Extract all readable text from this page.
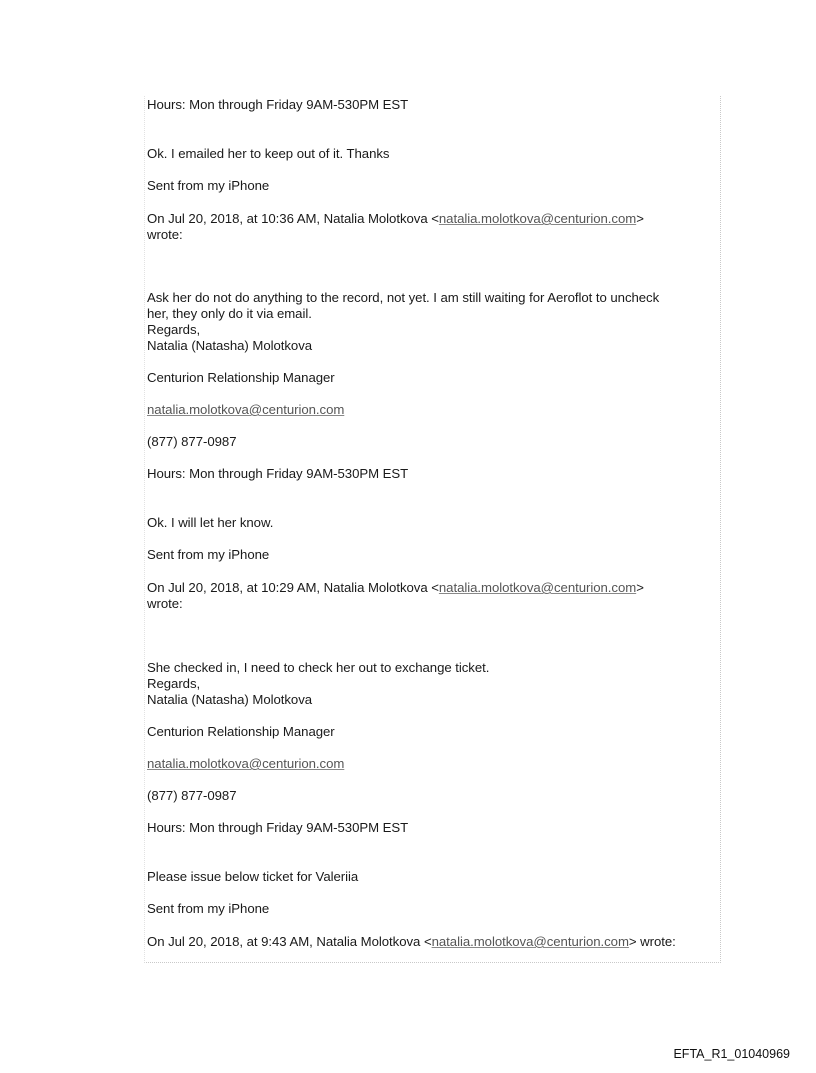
Hours: Mon through Friday 9AM-530PM EST
Ok. I emailed her to keep out of it. Thanks
Sent from my iPhone
On Jul 20, 2018, at 10:36 AM, Natalia Molotkova <natalia.molotkova@centurion.com>
wrote:
Ask her do not do anything to the record, not yet. I am still waiting for Aeroflot to uncheck
her, they only do it via email.
Regards,
Natalia (Natasha) Molotkova
Centurion Relationship Manager
natalia.molotkova@centurion.com
(877) 877-0987
Hours: Mon through Friday 9AM-530PM EST
Ok. I will let her know.
Sent from my iPhone
On Jul 20, 2018, at 10:29 AM, Natalia Molotkova <natalia.molotkova@centurion.com>
wrote:
She checked in, I need to check her out to exchange ticket.
Regards,
Natalia (Natasha) Molotkova
Centurion Relationship Manager
natalia.molotkova@centurion.com
(877) 877-0987
Hours: Mon through Friday 9AM-530PM EST
Please issue below ticket for Valeriia
Sent from my iPhone
On Jul 20, 2018, at 9:43 AM, Natalia Molotkova <natalia.molotkova@centurion.com> wrote:
EFTA_R1_01040969
